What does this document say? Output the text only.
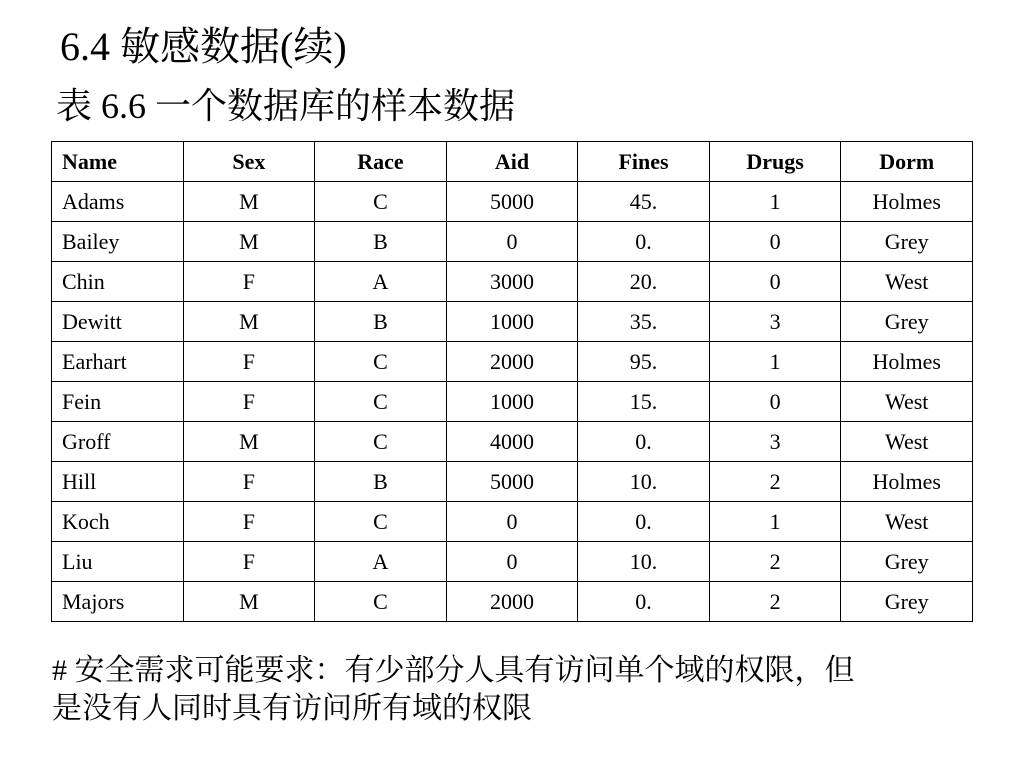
6.4 敏感数据(续)
表 6.6 一个数据库的样本数据
Name	Sex	Race	Aid	Fines	Drugs	Dorm
Adams	M	C	5000	45.	1	Holmes
Bailey	M	B	0	0.	0	Grey
Chin	F	A	3000	20.	0	West
Dewitt	M	B	1000	35.	3	Grey
Earhart	F	C	2000	95.	1	Holmes
Fein	F	C	1000	15.	0	West
Groff	M	C	4000	0.	3	West
Hill	F	B	5000	10.	2	Holmes
Koch	F	C	0	0.	1	West
Liu	F	A	0	10.	2	Grey
Majors	M	C	2000	0.	2	Grey
# 安全需求可能要求：有少部分人具有访问单个域的权限，但
是没有人同时具有访问所有域的权限
